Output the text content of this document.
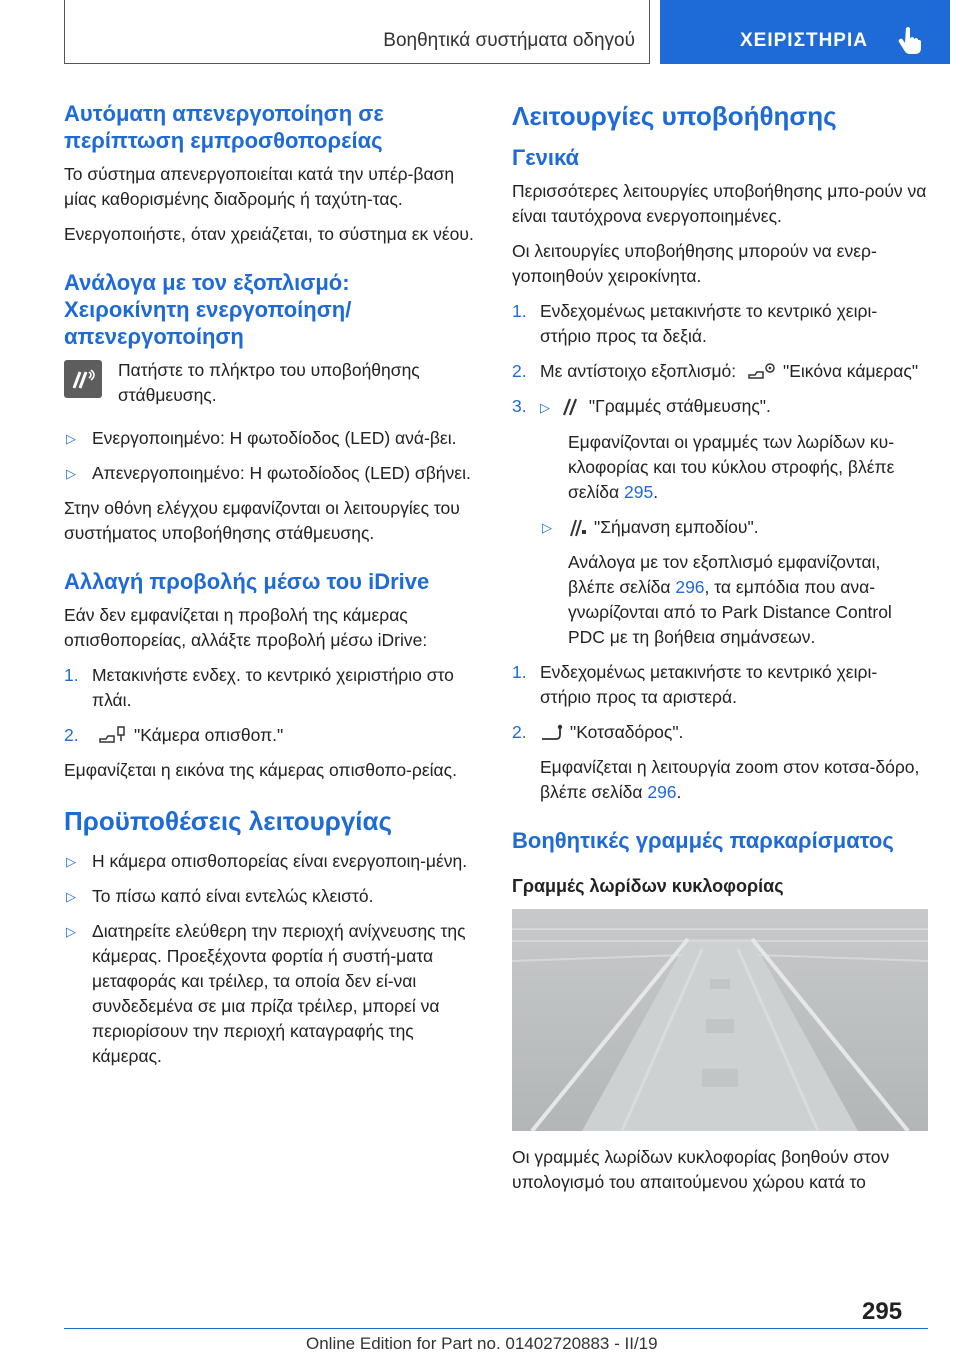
Βοηθητικά συστήματα οδηγού	ΧΕΙΡΙΣΤΗΡΙΑ
Αυτόματη απενεργοποίηση σε περίπτωση εμπροσθοπορείας

Το σύστημα απενεργοποιείται κατά την υπέρ-βαση μίας καθορισμένης διαδρομής ή ταχύτη-τας.

Ενεργοποιήστε, όταν χρειάζεται, το σύστημα εκ νέου.

Ανάλογα με τον εξοπλισμό: Χειροκίνητη ενεργοποίηση/ απενεργοποίηση
Πατήστε το πλήκτρο του υποβοήθησης στάθμευσης.
▷ Ενεργοποιημένο: Η φωτοδίοδος (LED) ανά-βει.
▷ Απενεργοποιημένο: Η φωτοδίοδος (LED) σβήνει.

Στην οθόνη ελέγχου εμφανίζονται οι λειτουργίες του συστήματος υποβοήθησης στάθμευσης.

Αλλαγή προβολής μέσω του iDrive

Εάν δεν εμφανίζεται η προβολή της κάμερας οπισθοπορείας, αλλάξτε προβολή μέσω iDrive:

1. Μετακινήστε ενδεχ. το κεντρικό χειριστήριο στο πλάι.
2.	"Κάμερα οπισθοπ."

Εμφανίζεται η εικόνα της κάμερας οπισθοπο-ρείας.

Προϋποθέσεις λειτουργίας
▷ Η κάμερα οπισθοπορείας είναι ενεργοποιη-μένη.
▷ Το πίσω καπό είναι εντελώς κλειστό.
▷ Διατηρείτε ελεύθερη την περιοχή ανίχνευσης της κάμερας. Προεξέχοντα φορτία ή συστή-ματα μεταφοράς και τρέιλερ, τα οποία δεν εί-ναι συνδεδεμένα σε μια πρίζα τρέιλερ, μπορεί να περιορίσουν την περιοχή καταγραφής της κάμερας.
Λειτουργίες υποβοήθησης
Γενικά

Περισσότερες λειτουργίες υποβοήθησης μπο-ρούν να είναι ταυτόχρονα ενεργοποιημένες.

Οι λειτουργίες υποβοήθησης μπορούν να ενερ-γοποιηθούν χειροκίνητα.

1. Ενδεχομένως μετακινήστε το κεντρικό χειρι-στήριο προς τα δεξιά.
2. Με αντίστοιχο εξοπλισμό:	"Εικόνα κάμερας"
3. ▷ "Γραμμές στάθμευσης".

Εμφανίζονται οι γραμμές των λωρίδων κυ-κλοφορίας και του κύκλου στροφής, βλέπε σελίδα 295.

▷ "Σήμανση εμποδίου".

Ανάλογα με τον εξοπλισμό εμφανίζονται, βλέπε σελίδα 296, τα εμπόδια που ανα-γνωρίζονται από το Park Distance Control PDC με τη βοήθεια σημάνσεων.

1. Ενδεχομένως μετακινήστε το κεντρικό χειρι-στήριο προς τα αριστερά.
2. "Κοτσαδόρος".

Εμφανίζεται η λειτουργία zoom στον κοτσα-δόρο, βλέπε σελίδα 296.

Βοηθητικές γραμμές παρκαρίσματος
Γραμμές λωρίδων κυκλοφορίας

Οι γραμμές λωρίδων κυκλοφορίας βοηθούν στον υπολογισμό του απαιτούμενου χώρου κατά το

295
Online Edition for Part no. 01402720883 - II/19
